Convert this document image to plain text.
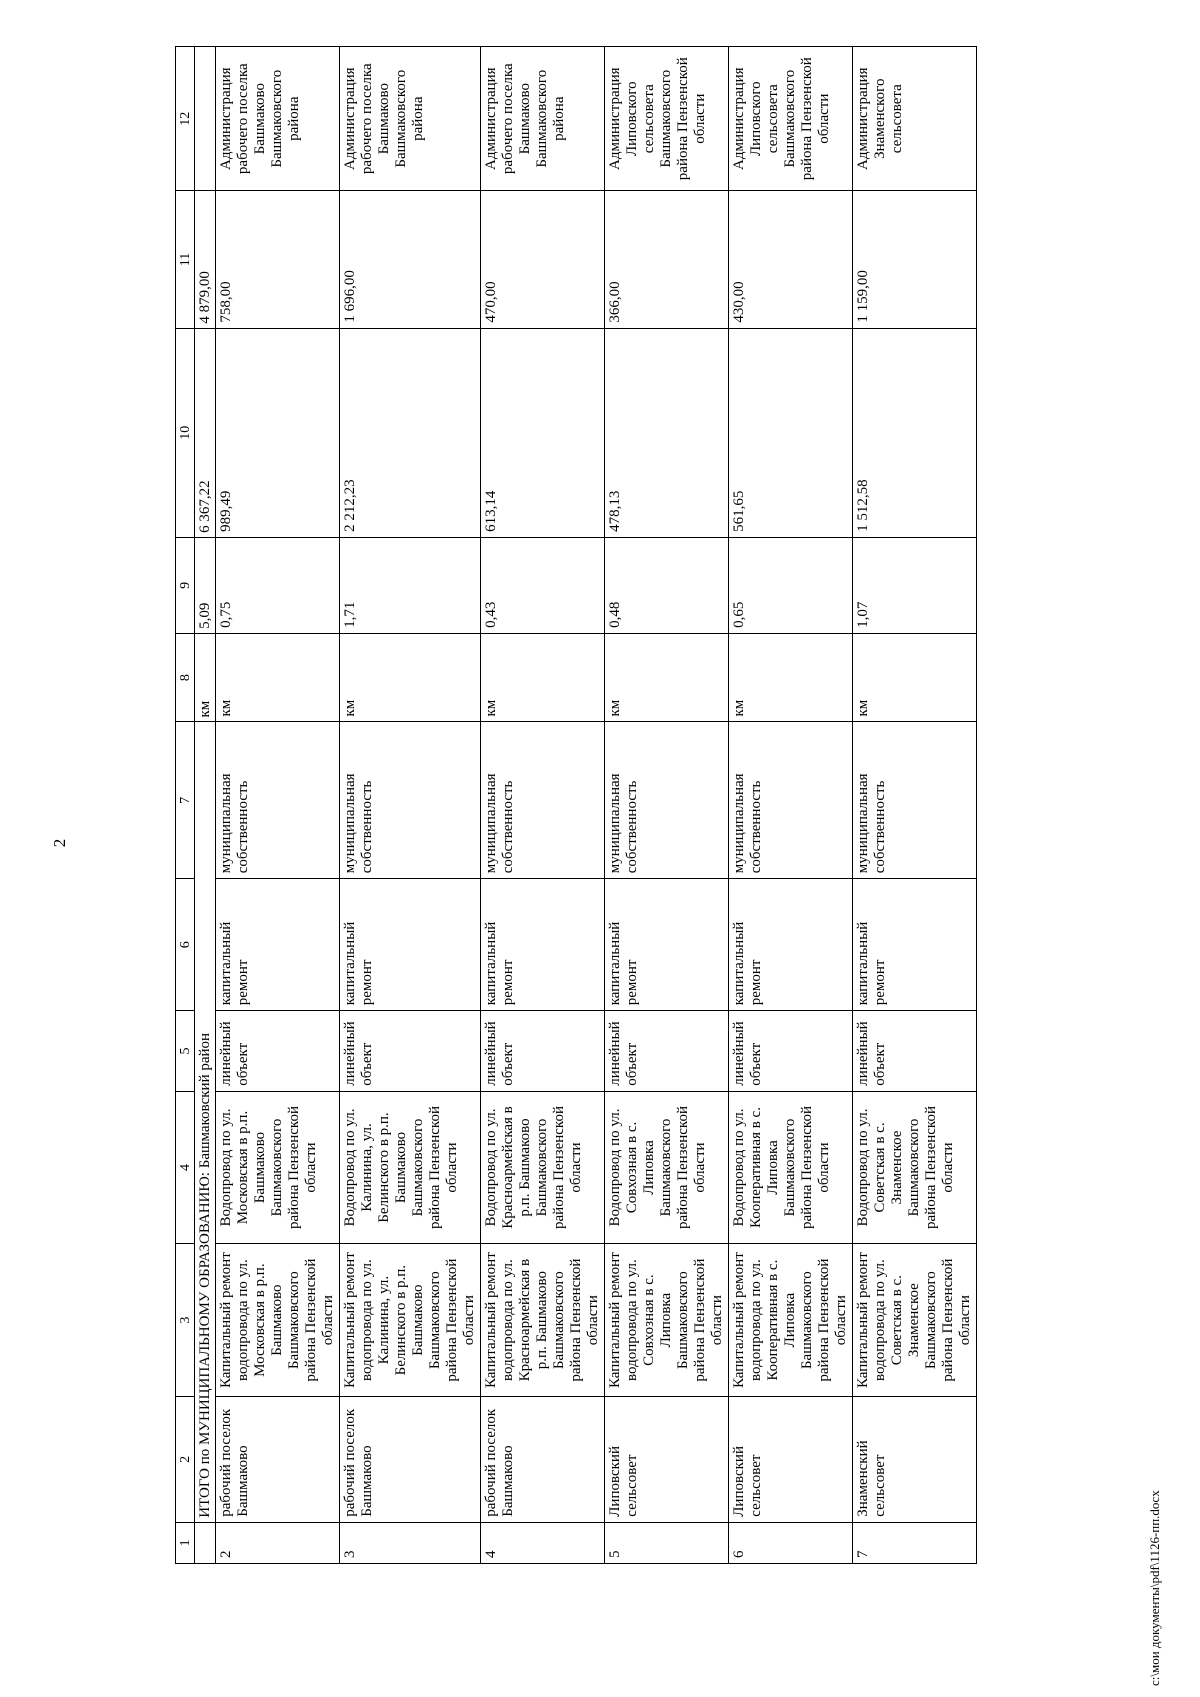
2
1	2	3	4	5	6	7	8	9	10	11	12
	ИТОГО по МУНИЦИПАЛЬНОМУ ОБРАЗОВАНИЮ: Башмаковский район						км	5,09	6 367,22	4 879,00	
2	рабочий поселок Башмаково	Капитальный ремонт водопровода по ул. Московская в р.п. Башмаково Башмаковского района Пензенской области	Водопровод по ул. Московская в р.п. Башмаково Башмаковского района Пензенской области	линейный объект	капитальный ремонт	муниципальная собственность	км	0,75	989,49	758,00	Администрация рабочего поселка Башмаково Башмаковского района
3	рабочий поселок Башмаково	Капитальный ремонт водопровода по ул. Калинина, ул. Белинского в р.п. Башмаково Башмаковского района Пензенской области	Водопровод по ул. Калинина, ул. Белинского в р.п. Башмаково Башмаковского района Пензенской области	линейный объект	капитальный ремонт	муниципальная собственность	км	1,71	2 212,23	1 696,00	Администрация рабочего поселка Башмаково Башмаковского района
4	рабочий поселок Башмаково	Капитальный ремонт водопровода по ул. Красноармейская в р.п. Башмаково Башмаковского района Пензенской области	Водопровод по ул. Красноармейская в р.п. Башмаково Башмаковского района Пензенской области	линейный объект	капитальный ремонт	муниципальная собственность	км	0,43	613,14	470,00	Администрация рабочего поселка Башмаково Башмаковского района
5	Липовский сельсовет	Капитальный ремонт водопровода по ул. Совхозная в с. Липовка Башмаковского района Пензенской области	Водопровод по ул. Совхозная в с. Липовка Башмаковского района Пензенской области	линейный объект	капитальный ремонт	муниципальная собственность	км	0,48	478,13	366,00	Администрация Липовского сельсовета Башмаковского района Пензенской области
6	Липовский сельсовет	Капитальный ремонт водопровода по ул. Кооперативная в с. Липовка Башмаковского района Пензенской области	Водопровод по ул. Кооперативная в с. Липовка Башмаковского района Пензенской области	линейный объект	капитальный ремонт	муниципальная собственность	км	0,65	561,65	430,00	Администрация Липовского сельсовета Башмаковского района Пензенской области
7	Знаменский сельсовет	Капитальный ремонт водопровода по ул. Советская в с. Знаменское Башмаковского района Пензенской области	Водопровод по ул. Советская в с. Знаменское Башмаковского района Пензенской области	линейный объект	капитальный ремонт	муниципальная собственность	км	1,07	1 512,58	1 159,00	Администрация Знаменского сельсовета
c:\мои документы\pdf\1126-пп.docx
